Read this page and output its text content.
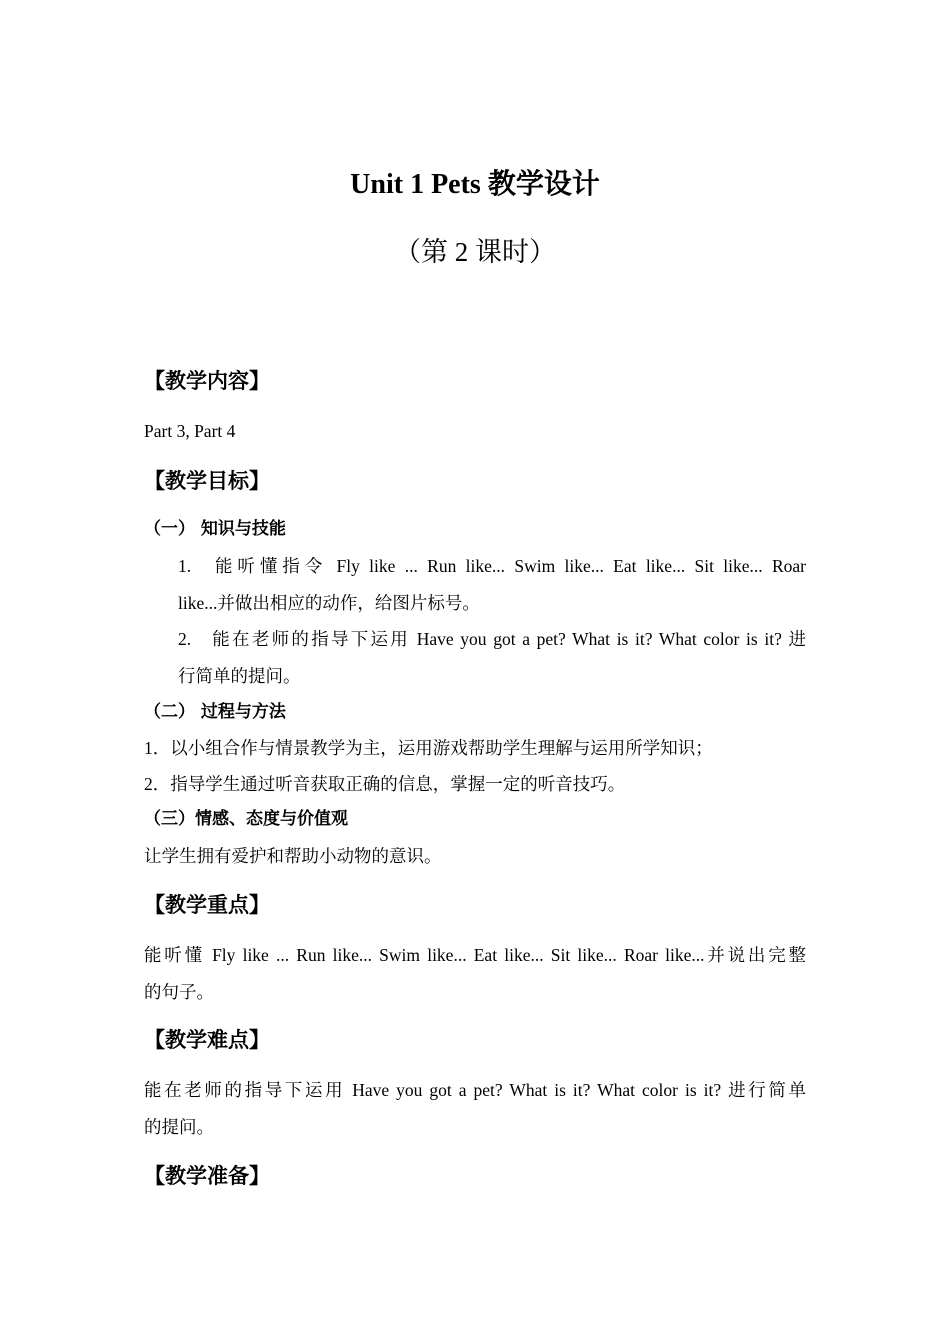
Unit 1 Pets 教学设计
（第 2 课时）
【教学内容】
Part 3, Part 4
【教学目标】
（一） 知识与技能
1. 能听懂指令 Fly like ... Run like... Swim like... Eat like... Sit like... Roar
like...并做出相应的动作，给图片标号。
2. 能在老师的指导下运用 Have you got a pet? What is it? What color is it? 进
行简单的提问。
（二） 过程与方法
1．以小组合作与情景教学为主，运用游戏帮助学生理解与运用所学知识；
2．指导学生通过听音获取正确的信息，掌握一定的听音技巧。
（三）情感、态度与价值观
让学生拥有爱护和帮助小动物的意识。
【教学重点】
能听懂 Fly like ... Run like... Swim like... Eat like... Sit like... Roar like...并说出完整
的句子。
【教学难点】
能在老师的指导下运用 Have you got a pet? What is it? What color is it? 进行简单
的提问。
【教学准备】
